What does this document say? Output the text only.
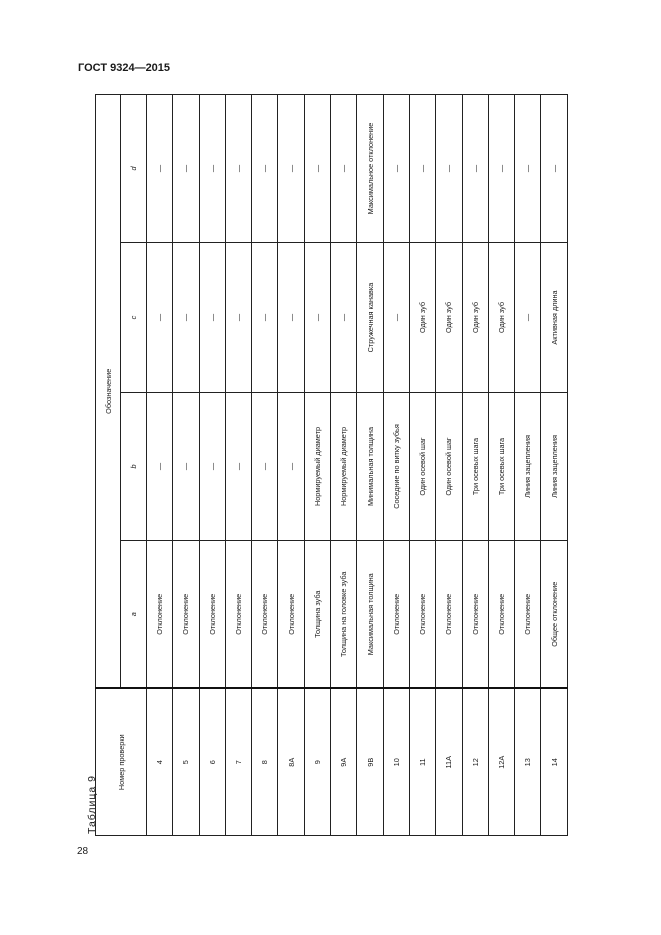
ГОСТ 9324—2015
Таблица 9
Номер проверки	Обозначение			
	a	b	c	d
4	Отклонение	—	—	—
5	Отклонение	—	—	—
6	Отклонение	—	—	—
7	Отклонение	—	—	—
8	Отклонение	—	—	—
8A	Отклонение	—	—	—
9	Толщина зуба	Нормируемый диаметр	—	—
9A	Толщина на головке зуба	Нормируемый диаметр	—	—
9B	Максимальная толщина	Минимальная толщина	Стружечная канавка	Максимальное отклонение
10	Отклонение	Соседние по витку зубья	—	—
11	Отклонение	Один осевой шаг	Один зуб	—
11A	Отклонение	Один осевой шаг	Один зуб	—
12	Отклонение	Три осевых шага	Один зуб	—
12A	Отклонение	Три осевых шага	Один зуб	—
13	Отклонение	Линия зацепления	—	—
14	Общее отклонение	Линия зацепления	Активная длина	—
28
